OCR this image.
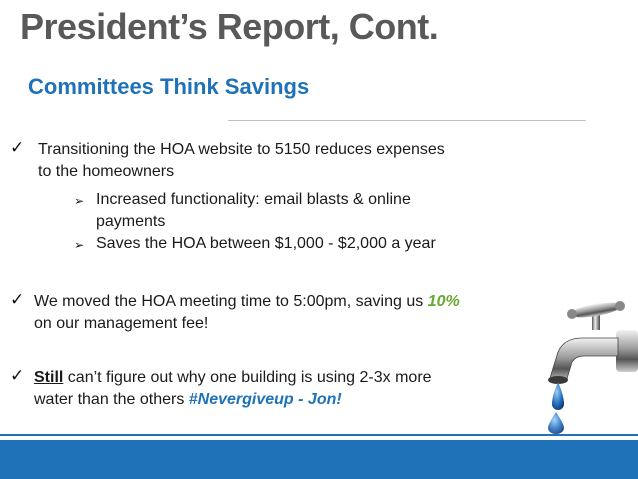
President’s Report, Cont.
Committees Think Savings
✓ Transitioning the HOA website to 5150 reduces expenses
to the homeowners
➢ Increased functionality: email blasts & online
payments
➢ Saves the HOA between $1,000 - $2,000 a year
✓ We moved the HOA meeting time to 5:00pm, saving us 10%
on our management fee!
✓ Still can’t figure out why one building is using 2-3x more
water than the others #Nevergiveup - Jon!
